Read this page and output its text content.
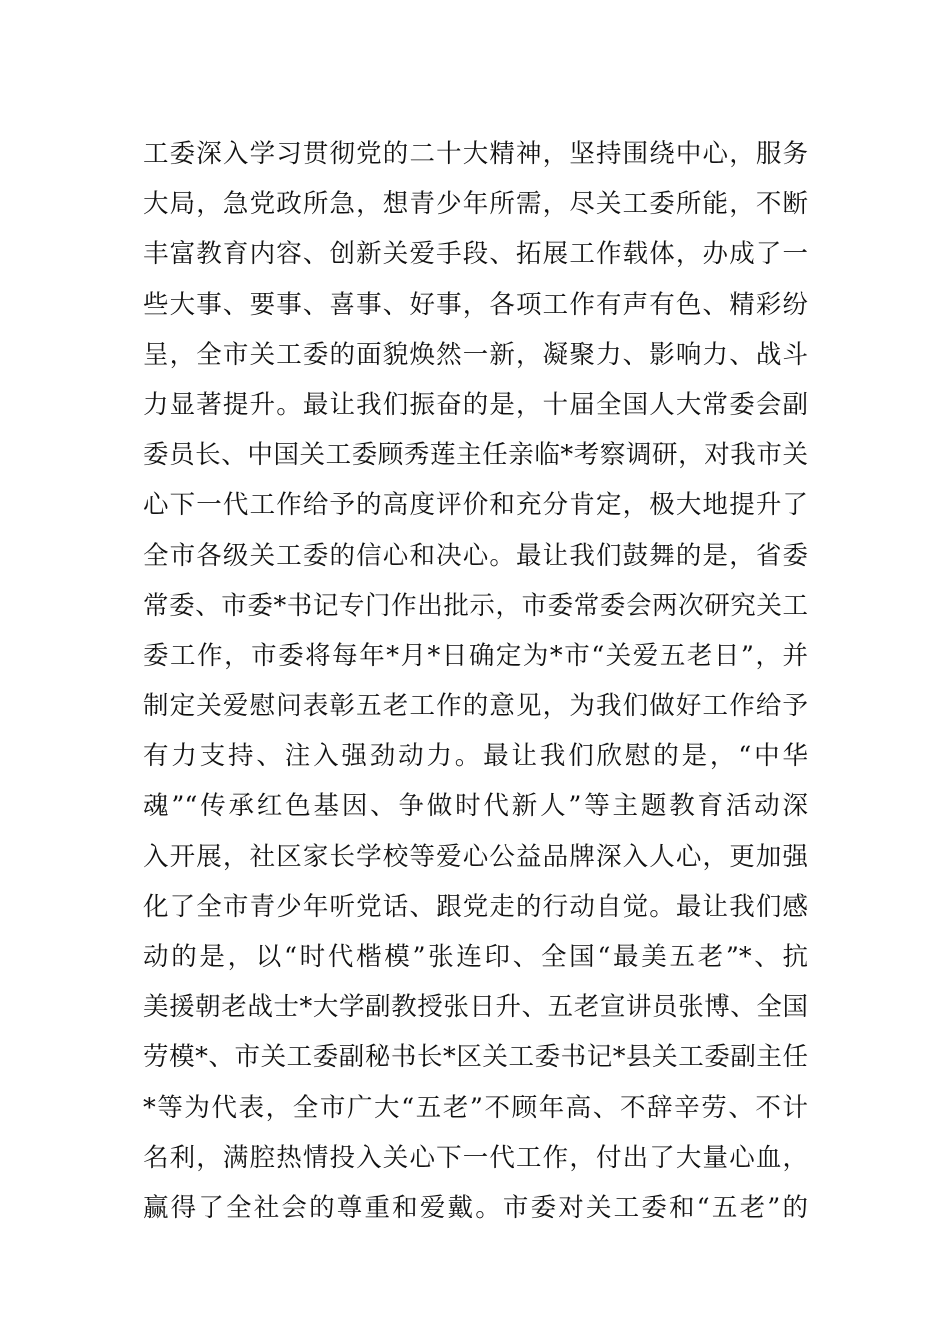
工委深入学习贯彻党的二十大精神，坚持围绕中心，服务
大局，急党政所急，想青少年所需，尽关工委所能，不断
丰富教育内容、创新关爱手段、拓展工作载体，办成了一
些大事、要事、喜事、好事，各项工作有声有色、精彩纷
呈，全市关工委的面貌焕然一新，凝聚力、影响力、战斗
力显著提升。最让我们振奋的是，十届全国人大常委会副
委员长、中国关工委顾秀莲主任亲临*考察调研，对我市关
心下一代工作给予的高度评价和充分肯定，极大地提升了
全市各级关工委的信心和决心。最让我们鼓舞的是，省委
常委、市委*书记专门作出批示，市委常委会两次研究关工
委工作，市委将每年*月*日确定为*市“关爱五老日”，并
制定关爱慰问表彰五老工作的意见，为我们做好工作给予
有力支持、注入强劲动力。最让我们欣慰的是，“中华
魂”“传承红色基因、争做时代新人”等主题教育活动深
入开展，社区家长学校等爱心公益品牌深入人心，更加强
化了全市青少年听党话、跟党走的行动自觉。最让我们感
动的是，以“时代楷模”张连印、全国“最美五老”*、抗
美援朝老战士*大学副教授张日升、五老宣讲员张博、全国
劳模*、市关工委副秘书长*区关工委书记*县关工委副主任
*等为代表，全市广大“五老”不顾年高、不辞辛劳、不计
名利，满腔热情投入关心下一代工作，付出了大量心血，
赢得了全社会的尊重和爱戴。市委对关工委和“五老”的
